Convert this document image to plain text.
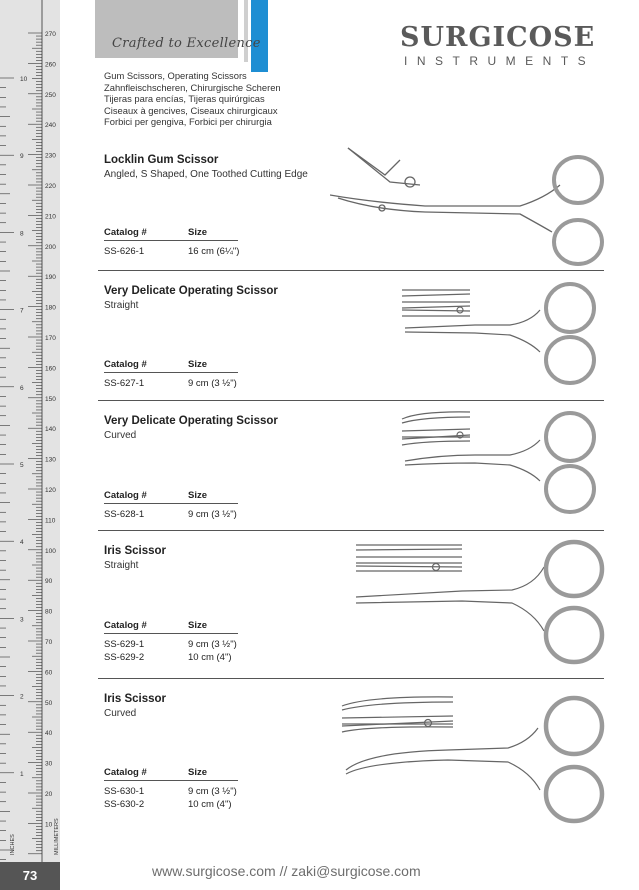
270
260
250
240
230
220
210
200
190
180
170
160
150
140
130
120
110
100
90
80
70
60
50
40
30
20
10
10
9
8
7
6
5
4
3
2
1
INCHES	MILLIMETERS
Crafted to Excellence	SURGICOSE
INSTRUMENTS
Gum Scissors, Operating Scissors
Zahnfleischscheren, Chirurgische Scheren
Tijeras para encías, Tijeras quirúrgicas
Ciseaux à gencives, Ciseaux chirurgicaux
Forbici per gengiva, Forbici per chirurgia
Locklin Gum Scissor
Angled, S Shaped, One Toothed Cutting Edge
Catalog #	Size
SS-626-1	16 cm (6¼")
Very Delicate Operating Scissor
Straight
Catalog #	Size
SS-627-1	9 cm (3 ½")
Very Delicate Operating Scissor
Curved
Catalog #	Size
SS-628-1	9 cm (3 ½")
Iris Scissor
Straight
Catalog #	Size
SS-629-1	9 cm (3 ½")
SS-629-2	10 cm (4")
Iris Scissor
Curved
Catalog #	Size
SS-630-1	9 cm (3 ½")
SS-630-2	10 cm (4")
www.surgicose.com // zaki@surgicose.com
73
